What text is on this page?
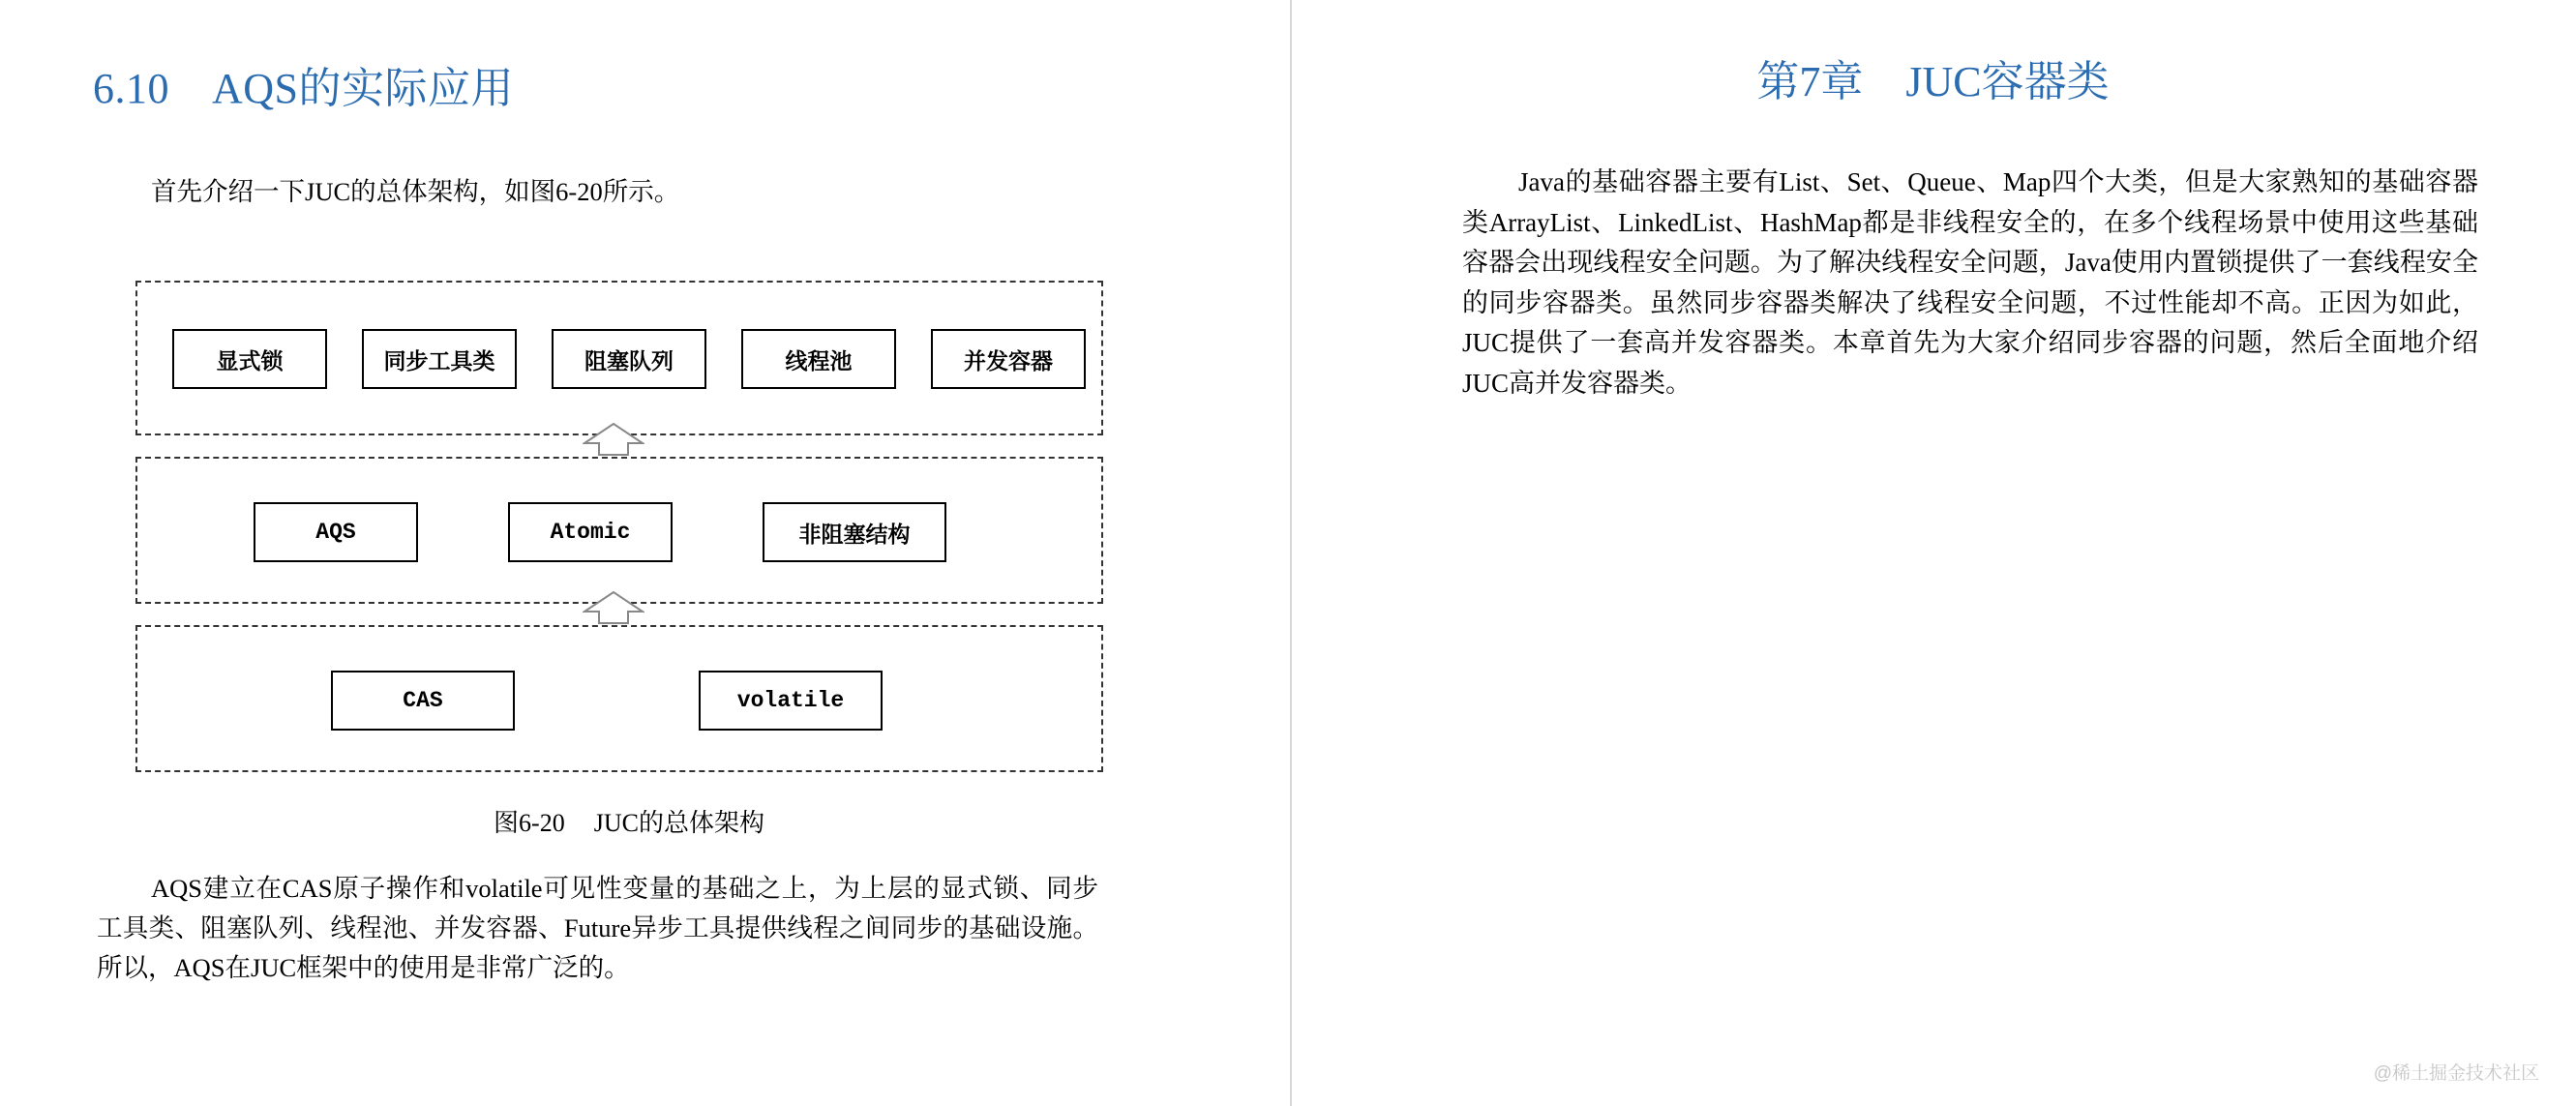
6.10 AQS的实际应用
首先介绍一下JUC的总体架构，如图6-20所示。
显式锁	同步工具类	阻塞队列	线程池	并发容器
AQS	Atomic	非阻塞结构
CAS	volatile
图6-20 JUC的总体架构
AQS建立在CAS原子操作和volatile可见性变量的基础之上，为上层的显式锁、同步工具类、阻塞队列、线程池、并发容器、Future异步工具提供线程之间同步的基础设施。所以，AQS在JUC框架中的使用是非常广泛的。
第7章 JUC容器类
Java的基础容器主要有List、Set、Queue、Map四个大类，但是大家熟知的基础容器类ArrayList、LinkedList、HashMap都是非线程安全的，在多个线程场景中使用这些基础容器会出现线程安全问题。为了解决线程安全问题，Java使用内置锁提供了一套线程安全的同步容器类。虽然同步容器类解决了线程安全问题，不过性能却不高。正因为如此，JUC提供了一套高并发容器类。本章首先为大家介绍同步容器的问题，然后全面地介绍JUC高并发容器类。
@稀土掘金技术社区
